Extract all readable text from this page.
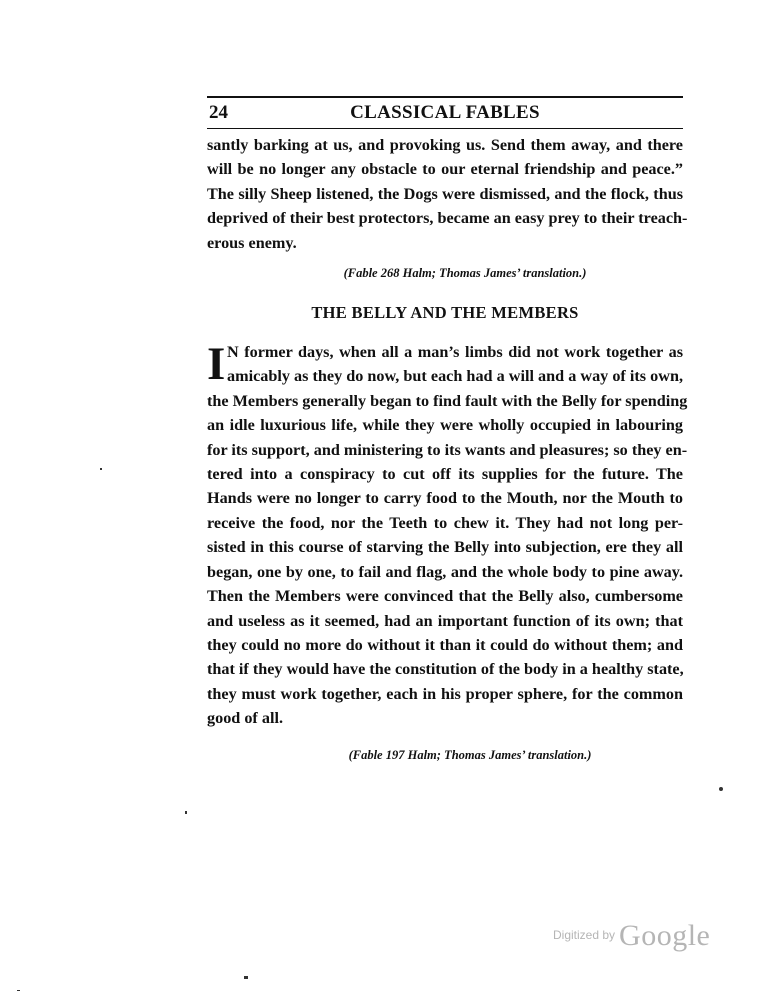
24	CLASSICAL FABLES
santly barking at us, and provoking us. Send them away, and there
will be no longer any obstacle to our eternal friendship and peace.”
The silly Sheep listened, the Dogs were dismissed, and the flock, thus
deprived of their best protectors, became an easy prey to their treach-
erous enemy.

(Fable 268 Halm; Thomas James’ translation.)

THE BELLY AND THE MEMBERS
I N former days, when all a man’s limbs did not work together as
amicably as they do now, but each had a will and a way of its own,
the Members generally began to find fault with the Belly for spending
an idle luxurious life, while they were wholly occupied in labouring
for its support, and ministering to its wants and pleasures; so they en-
tered into a conspiracy to cut off its supplies for the future. The
Hands were no longer to carry food to the Mouth, nor the Mouth to
receive the food, nor the Teeth to chew it. They had not long per-
sisted in this course of starving the Belly into subjection, ere they all
began, one by one, to fail and flag, and the whole body to pine away.
Then the Members were convinced that the Belly also, cumbersome
and useless as it seemed, had an important function of its own; that
they could no more do without it than it could do without them; and
that if they would have the constitution of the body in a healthy state,
they must work together, each in his proper sphere, for the common
good of all.

(Fable 197 Halm; Thomas James’ translation.)

$^{Digitized by}$ Google
